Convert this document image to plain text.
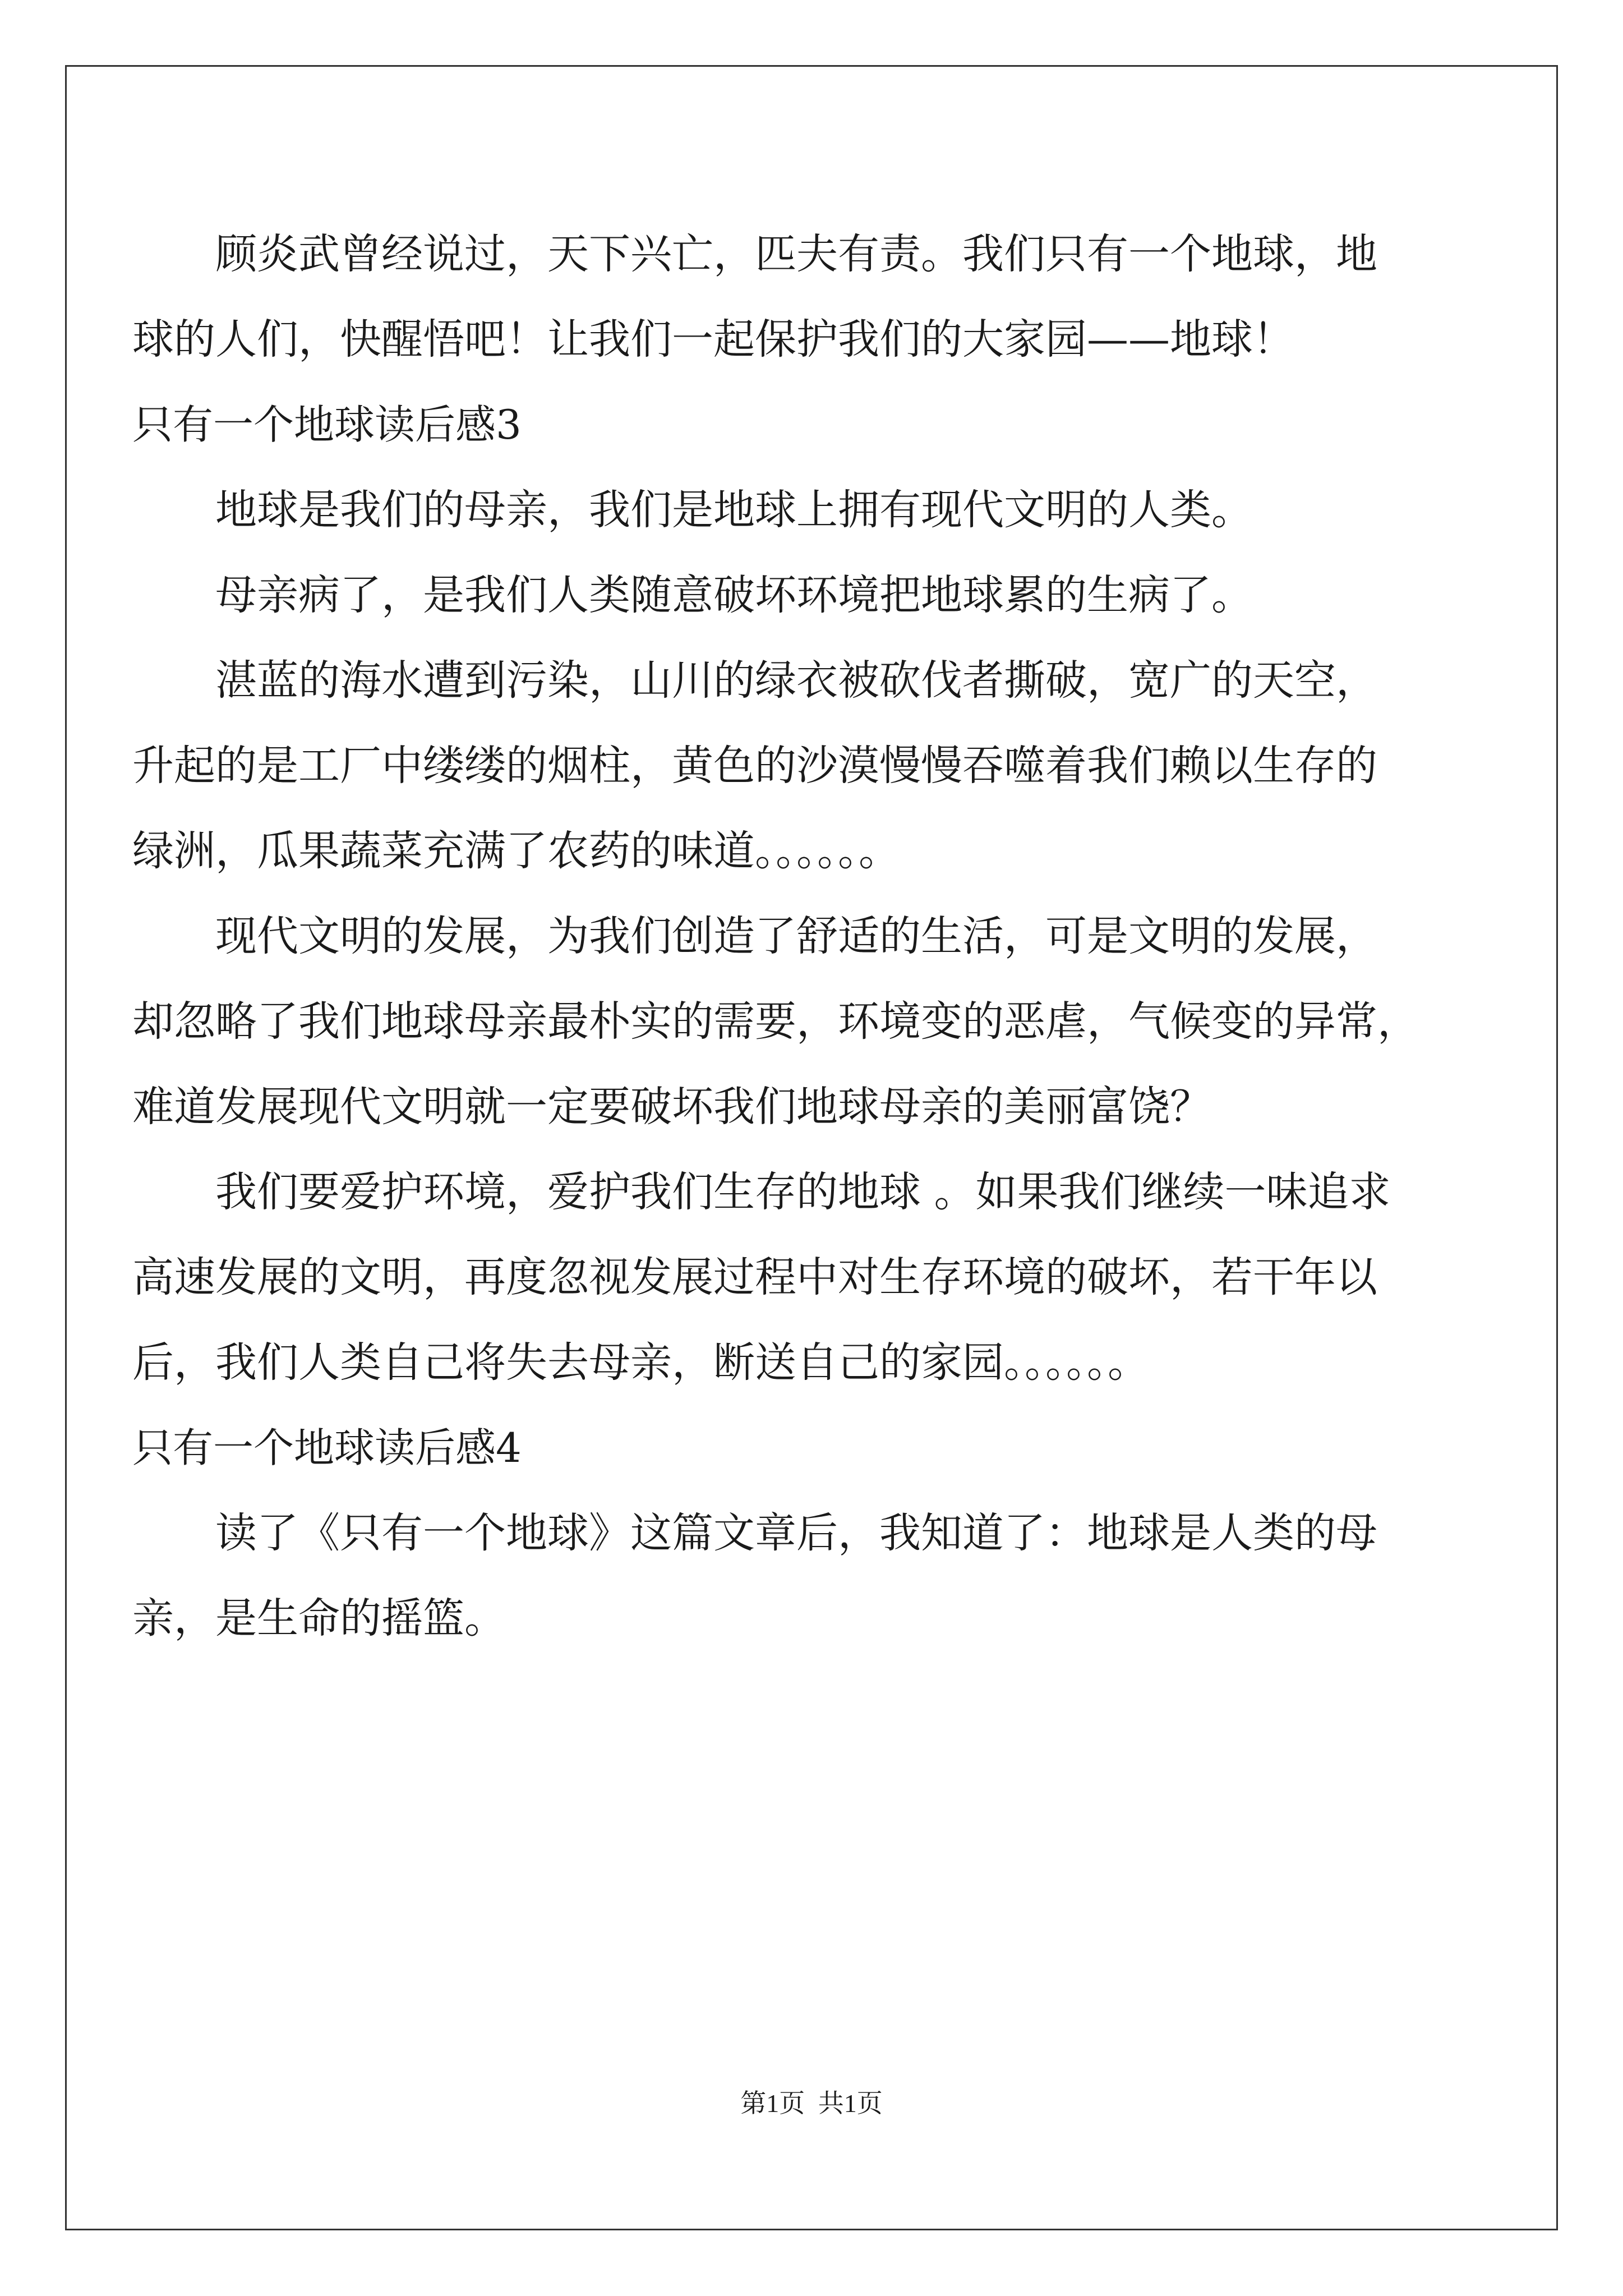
顾炎武曾经说过，天下兴亡，匹夫有责。我们只有一个地球，地
球的人们，快醒悟吧！让我们一起保护我们的大家园——地球！
只有一个地球读后感3
地球是我们的母亲，我们是地球上拥有现代文明的人类。
母亲病了，是我们人类随意破坏环境把地球累的生病了。
湛蓝的海水遭到污染，山川的绿衣被砍伐者撕破，宽广的天空，
升起的是工厂中缕缕的烟柱，黄色的沙漠慢慢吞噬着我们赖以生存的
绿洲，瓜果蔬菜充满了农药的味道。。。。。。
现代文明的发展，为我们创造了舒适的生活，可是文明的发展，
却忽略了我们地球母亲最朴实的需要，环境变的恶虐，气候变的异常，
难道发展现代文明就一定要破坏我们地球母亲的美丽富饶？
我们要爱护环境，爱护我们生存的地球 。如果我们继续一味追求
高速发展的文明，再度忽视发展过程中对生存环境的破坏，若干年以
后，我们人类自己将失去母亲，断送自己的家园。。。。。。
只有一个地球读后感4
读了《只有一个地球》这篇文章后，我知道了：地球是人类的母
亲，是生命的摇篮。
第1页 共1页
